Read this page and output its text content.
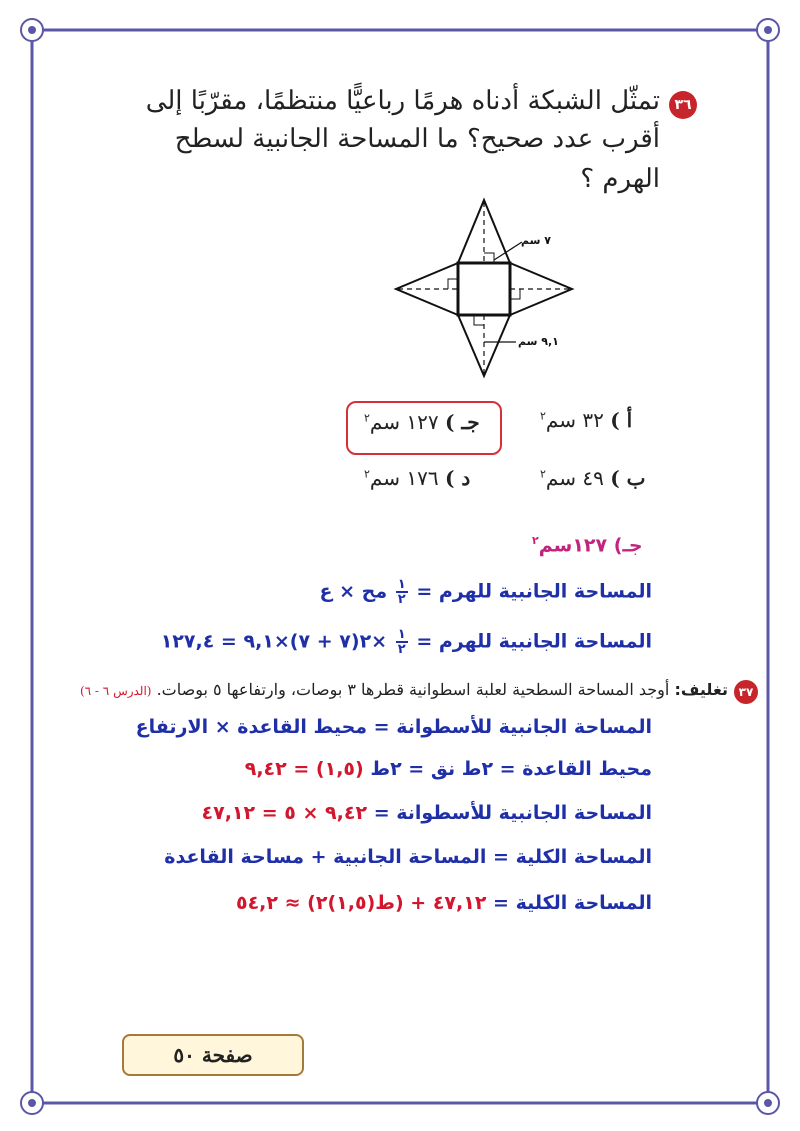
٣٦
تمثّل الشبكة أدناه هرمًا رباعيًّا منتظمًا، مقرّبًا إلى
أقرب عدد صحيح؟ ما المساحة الجانبية لسطح
الهرم ؟
٧ سم
٩,١ سم
أ ) ٣٢ سم$^٢$
جـ ) ١٢٧ سم$^٢$
ب ) ٤٩ سم$^٢$
د ) ١٧٦ سم$^٢$
جـ) ١٢٧سم$^٢$
المساحة الجانبية للهرم =
$\frac{١}{٢}$
مح × ع
المساحة الجانبية للهرم =
$\frac{١}{٢}$
×٢(٧ + ٧)×٩,١ = ١٢٧,٤
٣٧
تغليف: أوجد المساحة السطحية لعلبة اسطوانية قطرها ٣ بوصات، وارتفاعها ٥ بوصات. (الدرس ٦ - ٦)
المساحة الجانبية للأسطوانة = محيط القاعدة × الارتفاع
محيط القاعدة = ٢ط نق = ٢ط (١,٥) = ٩,٤٢
المساحة الجانبية للأسطوانة = ٩,٤٢ × ٥ = ٤٧,١٢
المساحة الكلية = المساحة الجانبية + مساحة القاعدة
المساحة الكلية = ٤٧,١٢ + (ط(١,٥)٢) ≈ ٥٤,٢
صفحة ٥٠
